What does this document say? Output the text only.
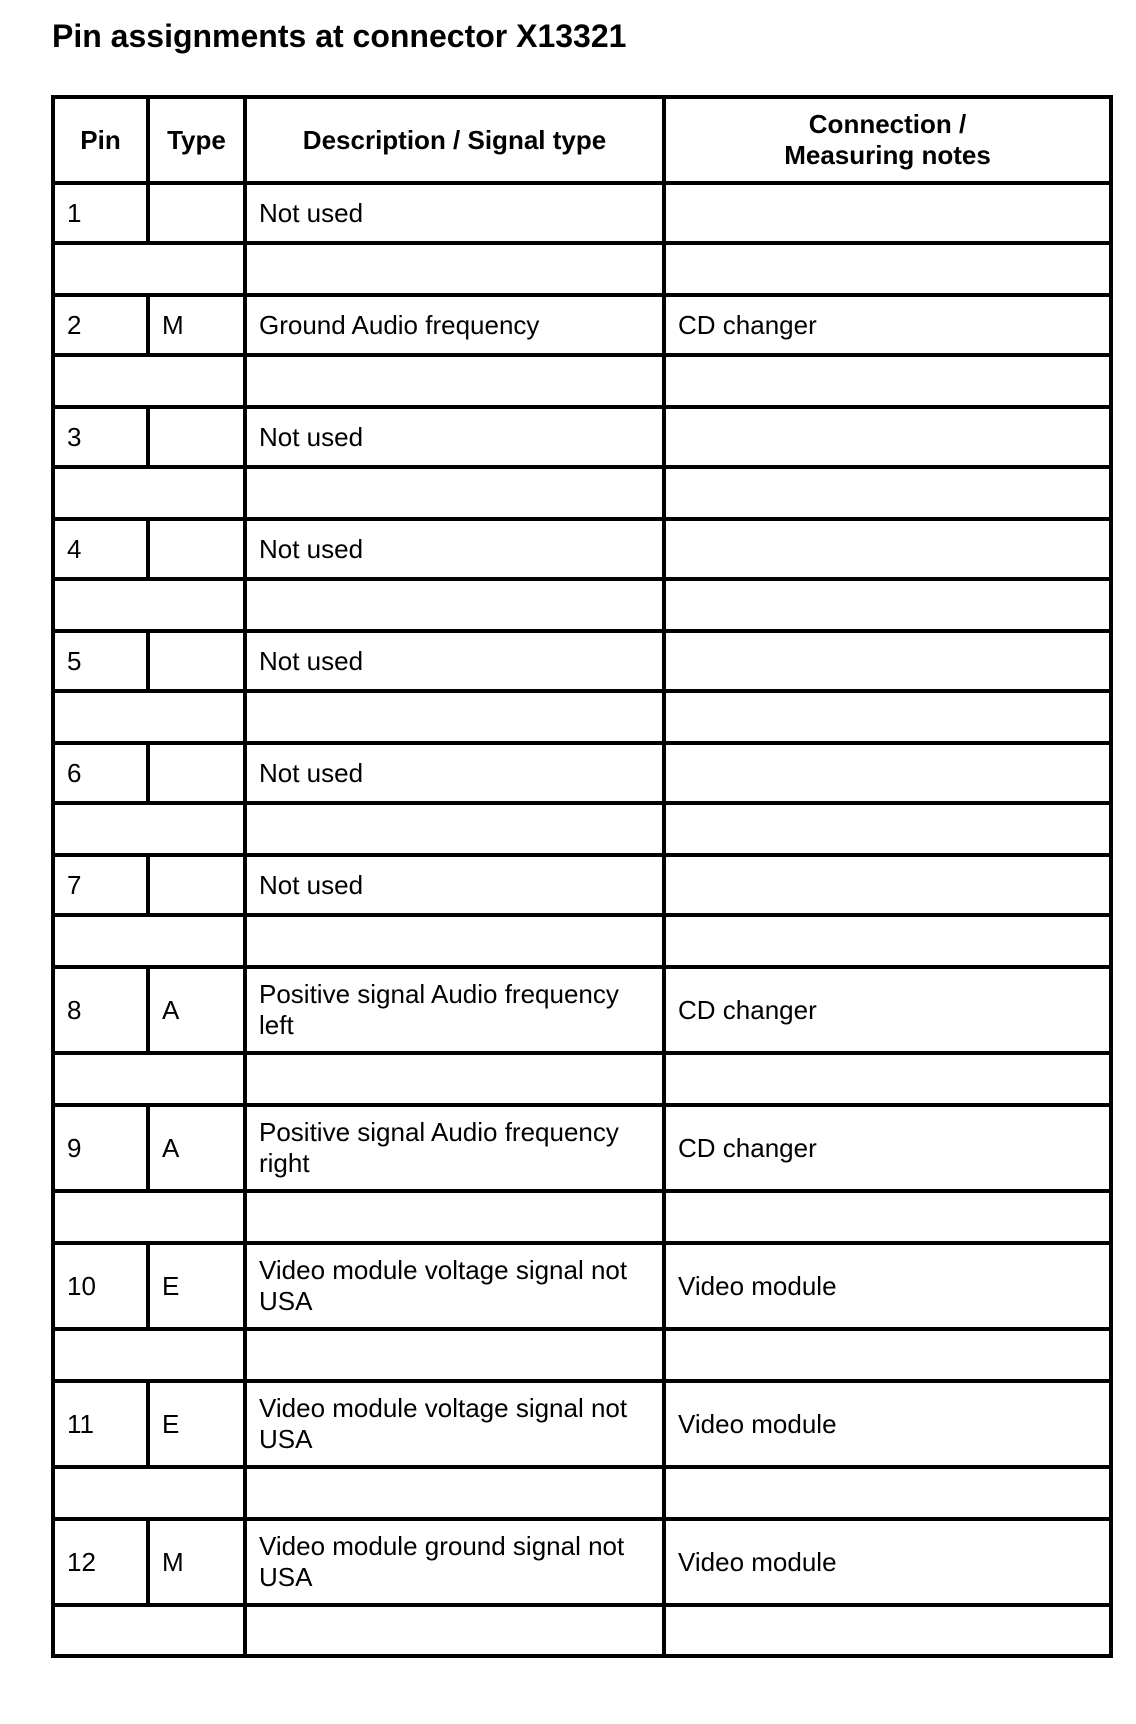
Pin assignments at connector X13321
Pin	Type	Description / Signal type	Connection /
Measuring notes

1		Not used	

2	M	Ground Audio frequency	CD changer

3		Not used	

4		Not used	

5		Not used	

6		Not used	

7		Not used	

8	A	Positive signal Audio frequency left	CD changer

9	A	Positive signal Audio frequency right	CD changer

10	E	Video module voltage signal not USA	Video module

11	E	Video module voltage signal not USA	Video module

12	M	Video module ground signal not USA	Video module
